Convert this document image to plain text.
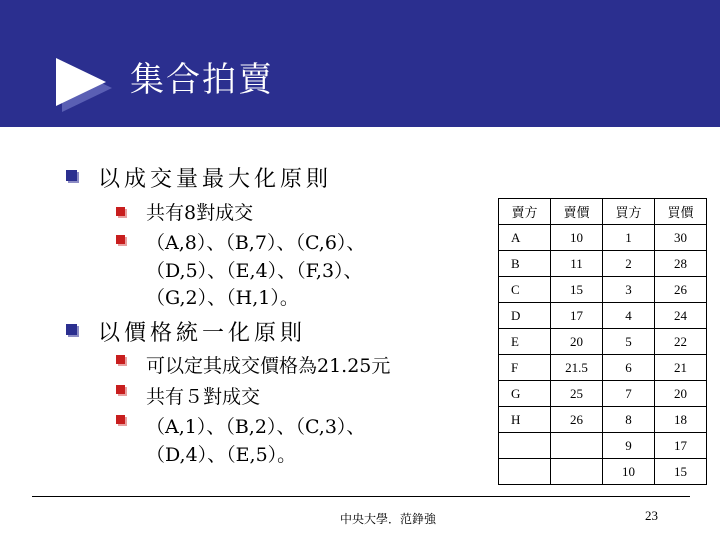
集合拍賣
以成交量最大化原則
共有8對成交
（A,8）、（B,7）、（C,6）、
（D,5）、（E,4）、（F,3）、
（G,2）、（H,1）。
以價格統一化原則
可以定其成交價格為21.25元
共有５對成交
（A,1）、（B,2）、（C,3）、
（D,4）、（E,5）。
賣方	賣價	買方	買價
A	10	1	30
B	11	2	28
C	15	3	26
D	17	4	24
E	20	5	22
F	21.5	6	21
G	25	7	20
H	26	8	18
		9	17
		10	15
中央大學．范錚強	23
